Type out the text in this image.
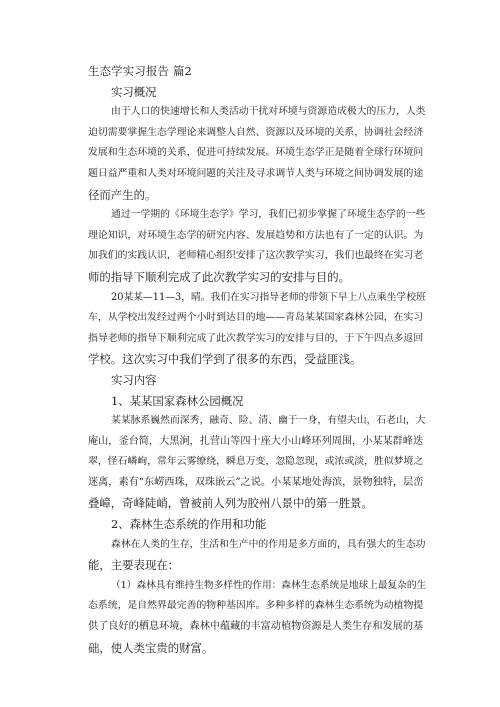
生态学实习报告 篇2
实习概况
由于人口的快速增长和人类活动干扰对环境与资源造成极大的压力，人类
迫切需要掌握生态学理论来调整人自然、资源以及环境的关系，协调社会经济
发展和生态环境的关系，促进可持续发展。环境生态学正是随着全球行环境问
题日益严重和人类对环境问题的关注及寻求调节人类与环境之间协调发展的途
径而产生的。
通过一学期的《环境生态学》学习，我们已初步掌握了环境生态学的一些
理论知识，对环境生态学的研究内容、发展趋势和方法也有了一定的认识。为
加我们的实践认识，老师精心组织安排了这次教学实习，我们也最终在实习老
师的指导下顺利完成了此次教学实习的安排与目的。
20某某—11—3，晴。我们在实习指导老师的带领下早上八点乘坐学校班
车，从学校出发经过两个小时到达目的地——青岛某某国家森林公园，在实习
指导老师的指导下顺利完成了此次教学实习的安排与目的，于下午四点多返回
学校。这次实习中我们学到了很多的东西，受益匪浅。
实习内容
1、某某国家森林公园概况
某某脉系巍然而深秀，融奇、险、清、幽于一身，有望夫山，石老山，大
庵山，釜台简，大黑涧，扎营山等四十座大小山峰环列周围，小某某群峰迭
翠，怪石嶙峋，常年云雾缭绕，瞬息万变，忽隐忽现，或浓或淡，胜似梦境之
迷离，素有“东崂西珠，双珠嵌云”之说。小某某地处海滨，景物独特，层峦
叠嶂，奇峰陡峭，曾被前人列为胶州八景中的第一胜景。
2、森林生态系统的作用和功能
森林在人类的生存，生活和生产中的作用是多方面的，具有强大的生态功
能，主要表现在：
（1）森林具有维持生物多样性的作用：森林生态系统是地球上最复杂的生
态系统，是自然界最完善的物种基因库。多种多样的森林生态系统为动植物提
供了良好的栖息环境，森林中蕴藏的丰富动植物资源是人类生存和发展的基
础，使人类宝贵的财富。
